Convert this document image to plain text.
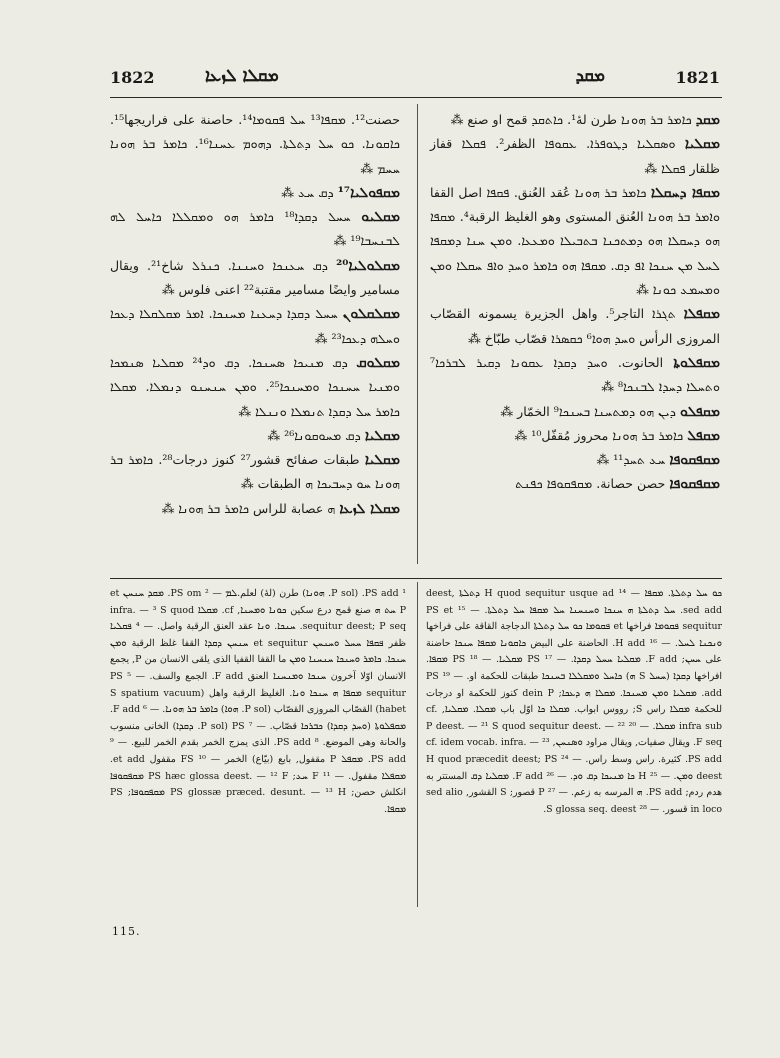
1822	ܡܩܠܐ ܠܙܥܐ	ܡܩܕ	1821

ܡܩܕ ܟܐܡܪ ܒܪ ܗܘܢܐ طرن لهٔ¹. ܟܐܬܩܕ قمح او صنع ⁂

ܡܩܠܝܐ ܘܣܩܠܝܐ ܕܛܘܦܪܐ. ܥܩܘܦܐ الظفر². ܦܩܠܐ قفاز ظلقار ܦܩܠܐ ⁂

ܡܩܦܐ ܕܚܩܠܐ ܟܐܡܪ ܒܪ ܗܘܢܐ عُقد العُنق. ܦܩܦܐ اصل القفا ܘܐܡܪ ܒܪ ܗܘܢܐ العُنق المستوى وهو الغليظ الرقبة⁴. ܡܩܦܐ ܗܘ ܕܚܩܠܐ ܗܘ ܕܡܬܟܢܐ ܒܬܒܝܠܐ ܘܡܥܥܐ. ܘܡܢ ܚܢܐ ܕܡܩܦܐ ܠܚܠ ܡܢ ܚܢܟܐ ܐܦ ܕܩ. ܡܩܦܐ ܗܘ ܟܐܡܪ ܘܚܕ ܘܐܦ ܚܩܠܐ ܘܡܢ ܘܡܚܡܥ ܟܘܢܐ ⁂

ܡܩܦܠܐ ܬܓܪܐ التاجر⁵. واهل الجزيرة يسمونه القصّاب المروزى الرأس ܘܚܕ ܗܘܐ⁶ ܟܩܣܪܐ قصّاب طبّاخ ⁂

ܡܩܦܠܘܬܐ الحانوت. ܘܚܕ ܕܩܕܐ ܥܩܘܢܐ ܕܩܝܪ ܠܒܪܟܐ⁷ ܘܬܚܠܐ ܕܚܕܐ ܠܒܢܟܐ⁸ ⁂

ܡܩܦܠܘ ܕܝܢ ܗܘ ܕܡܬܚܢܐ ܒܚܢܟܐ⁹ الخمّار ⁂

ܡܩܦܠ ܟܐܡܪ ܒܪ ܗܘܢܐ محروز مُقفّل¹⁰ ⁂

ܡܩܦܩܘܦܐ ܚܥ ܬܚܕ¹¹ ⁂

ܡܩܦܩܘܦܐ حصن حصانة. ܡܩܦܩܘܦܐ ܟܦܢܬ

حصنت¹². ܡܩܦܐ¹³ ܚܠ ܦܩܘܡܐ¹⁴. حاصنة على فراريجها¹⁵. ܟܐܩܘܢܐ. ܟܘ ܚܠ ܕܬܠܬܐ. ܕܗܘܡ ܥܚܢܐ¹⁶. ܟܐܡܪ ܒܪ ܗܘܢܐ ܚܚܡ ⁂

ܡܩܦܘܠܝܐ¹⁷ ܕܩ ܚܥ ⁂

ܡܩܠܝܘ ܚܚܠ ܕܩܕܐ¹⁸ ܟܐܡܪ ܗܘ ܘܡܩܠܠܐ ܟܐܚܠ ܠܗ ܠܒܢܚܒܐ¹⁹ ⁂

ܡܩܠܘܠܝܐ²⁰ ܕܩ ܚܥܢܟܐ ܘܚܢܢܐ. ܟܢܪܠ شاخ²¹. ويقال مسامير وايضًا مسامير مقتبة²² اعنى فلوس ⁂

ܡܩܠܩܠܘܢ ܚܚܠ ܕܩܕܐ ܕܚܥܢܐ ܡܚܢܟܐ. ܐܡܪ ܡܩܠܩܠܐ ܕܥܟܐ ܘܚܠܗ ܕܥܟܐ²³ ⁂

ܡܩܠܘܩ ܕܩ ܡܢܝܟܐ ܣܚܢܟܐ. ܕܩ ܘܕ²⁴ ܡܩܠܝܐ ܣܢܡܟܐ ܘܡܢܝܐ ܚܚܢܟܐ ܘܡܚܢܟܐ²⁵. ܘܡܢ ܚܢܚܢܘ ܕܢܡܠܐ. ܡܩܠܐ ܟܐܡܪ ܚܠ ܕܩܕܐ ܬܢܡܠܐ ܘܢܢܠܐ ⁂

ܡܩܠܝܐ ܕܩ ܡܚܘܩܘܢܐ²⁶ ⁂

ܡܩܠܝܐ طبقات صفائح قشور²⁷ كنوز درجات²⁸. ܟܐܡܪ ܒܪ ܗܘܢܐ ܚܘ ܕܚܒܝܟܐ ܗ الطبقات ⁂

ܡܩܠܐ ܠܙܥܐ ܗ عصابة للراس ܟܐܡܪ ܒܪ ܗܘܢܐ ⁂

ܟܘ ܚܠ ܕܬܠܬܐ. ܡܩܦܐ — ¹⁴ H quod sequitur usque ad ܕܬܠܬܐ deest, sed add. ܚܠ ܕܬܠܬܐ ܗ ܚܢܟܐ ܘܚܢܚܢܐ ܚܠ ܡܩܦܐ ܚܠ ܕܬܠܬܐ. — ¹⁵ PS et sequitur ܦܩܘܡܐ فراخها et ܦܩܘܡܐ ܟܘ ܚܠ ܕܬܠܬܐ الدجاجة القاقة على فراخها ܘܢܟܢܐ ܠܚܠ. — ¹⁶ H add. الحاضنة على البيض ܟܐܩܘܢܐ ܡܩܦܐ ܚܢܟܐ حاضنة على ܚܚܢ; F add. ܡܩܠܝܐ ܚܚܠ ܕܩܕܐ. — ¹⁷ PS ܡܩܠܝܐ. — ¹⁸ PS ܡܩܦܐ. افراخها ܕܩܕܐ (ܚܚܠ S ܗ) ܟܐܚܠ ܘܡܩܠܠܐ ܒܚܢܟܐ طبقات للحكمة او. — ¹⁹ PS add. ܡܩܠܝܐ ܘܡܢ ܡܚܢܟܐ. ܡܩܠܐ ܗ ܕܥܟܐ; dein P كنوز للحكمة او درجات للحكمة ܡܩܠܐ راس S; رووس ابواب. ܡܩܠܐ ܟܐ اوّل باب ܡܩܠܐ. ܡܩܠܝܐ, cf. infra sub ܡܩܠܐ. — ²⁰ P deest. — ²¹ S quod sequitur deest. — ²² F seq. ويقال صفيات, ويقال مراود ܘܣܢܚܢ, cf. idem vocab. infra. — ²³ PS add. كثيرة. راس وسط راس. — ²⁴ H quod præcedit deest; PS deest ܘܡܢ. — ²⁵ H ܟܐ ܡܢܝܟܐ ܕܩ ܘܕ. — ²⁶ F add. ܡܩܠܝܐ ܕܩ المستتر به هدم ردم; PS add. ܗ المرسه به زعم. — ²⁷ P قصور; S القشور, sed alio in loco قسور. — ²⁸ S glossa seq. deest.

¹ PS add. (P sol. ܗܘܢܐ) طرن (لهٔ) لعلم.ܠܡ — ² PS om. ܡܩܕ ܚܢܚܢ et P ܚܬ ܗ صنع قمح درع سكين ܟܘܢܐ ܘܡܚܢܐ, cf. ܡܩܠܐ infra. — ³ S quod sequitur deest; P seq. ܚܢܟܐ. ܘܢܐ عقد العنق الرقبة واصل. — ⁴ ܦܩܠܝܐ ظفر ܦܩܦܐ ܚܚܠ ܘܚܢܚܢ et sequitur ܚܢܚܢ ܕܩܕܐ القفا غلظ الرقبة ܘܡܢ ܚܢܟܐ. ܟܐܡܪ ܘܚܢܟܐ ܚܢܚܢܐ ܘܡܢ ما القفا القفيا الذى يلقى الانسان من P, يجمع الانسان اوّلا آخرون ܚܢܟܐ ܘܡܢܚܢܐ العنق F add. الجمع والسف. — ⁵ PS sequitur ܡܩܦܐ ܗ ܚܢܟܐ ܘܢܐ. الغليظ الرقبة واهل (S spatium vacuum habet) القصّاب المروزى القصّاب (P sol. ܗܘܐ) ܟܐܡܪ ܒܪ ܗܘܢܐ. — ⁶ F add. ܡܩܦܠܘܬܐ (ܘܚܕ ܕܩܕܐ) ܟܒܪܟܐ قصّاب. — ⁷ PS (P sol. ܕܩܕܐ) الخانى منسوب والحانة وهى الموضع. ⁸ PS add. الذى يمزج الخمر بقدم الخمر للبيع. — ⁹ PS add. ܡܩܦܠ P مقفول, بايع (بيّاع) الخمر — ¹⁰ FS مقفول et add. ܡܩܦܠܐ مقفول. — ¹¹ F ܚܥ; PS hæc glossa deest. — ¹² F ܡܩܦܩܘܦܐ انكلش حصن; PS glossæ præced. desunt. — ¹³ H ܡܩܦܩܘܦܐ; PS ܡܩܦܐ.

115.
